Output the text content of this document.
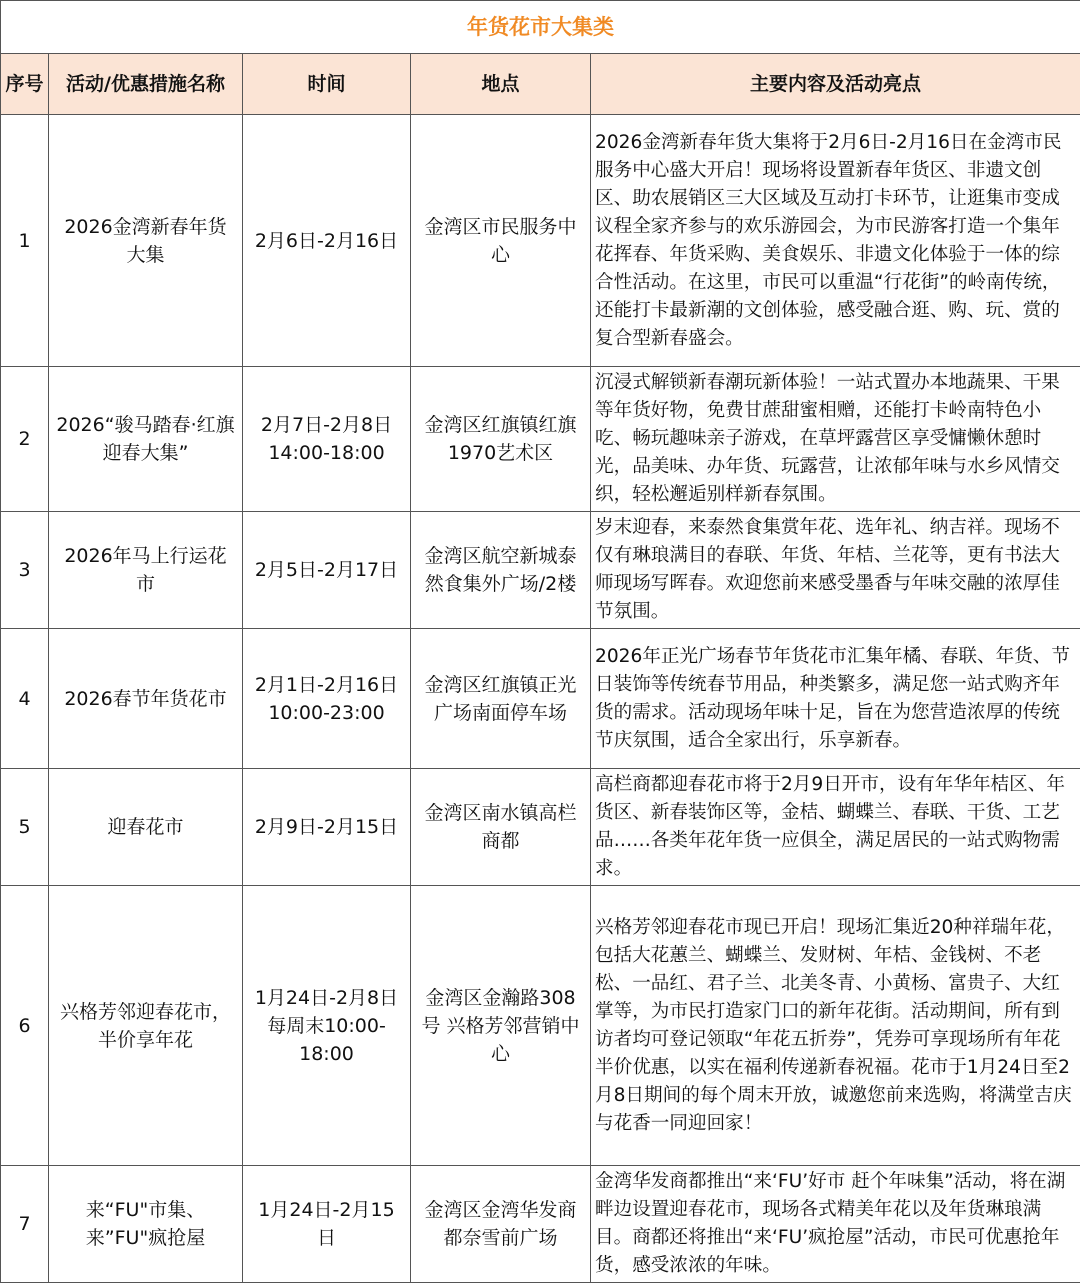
年货花市大集类				
序号	活动/优惠措施名称	时间	地点	主要内容及活动亮点
1	2026金湾新春年货大集	2月6日-2月16日	金湾区市民服务中心	2026金湾新春年货大集将于2月6日-2月16日在金湾市民服务中心盛大开启！现场将设置新春年货区、非遗文创区、助农展销区三大区域及互动打卡环节，让逛集市变成议程全家齐参与的欢乐游园会，为市民游客打造一个集年花挥春、年货采购、美食娱乐、非遗文化体验于一体的综合性活动。在这里，市民可以重温“行花街”的岭南传统，还能打卡最新潮的文创体验，感受融合逛、购、玩、赏的复合型新春盛会。
2	2026“骏马踏春·红旗迎春大集”	2月7日-2月8日 14:00-18:00	金湾区红旗镇红旗1970艺术区	沉浸式解锁新春潮玩新体验！一站式置办本地蔬果、干果等年货好物，免费甘蔗甜蜜相赠，还能打卡岭南特色小吃、畅玩趣味亲子游戏，在草坪露营区享受慵懒休憩时光，品美味、办年货、玩露营，让浓郁年味与水乡风情交织，轻松邂逅别样新春氛围。
3	2026年马上行运花市	2月5日-2月17日	金湾区航空新城泰然食集外广场/2楼	岁末迎春，来泰然食集赏年花、选年礼、纳吉祥。现场不仅有琳琅满目的春联、年货、年桔、兰花等，更有书法大师现场写晖春。欢迎您前来感受墨香与年味交融的浓厚佳节氛围。
4	2026春节年货花市	2月1日-2月16日 10:00-23:00	金湾区红旗镇正光广场南面停车场	2026年正光广场春节年货花市汇集年橘、春联、年货、节日装饰等传统春节用品，种类繁多，满足您一站式购齐年货的需求。活动现场年味十足，旨在为您营造浓厚的传统节庆氛围，适合全家出行，乐享新春。
5	迎春花市	2月9日-2月15日	金湾区南水镇高栏商都	高栏商都迎春花市将于2月9日开市，设有年华年桔区、年货区、新春装饰区等，金桔、蝴蝶兰、春联、干货、工艺品……各类年花年货一应俱全，满足居民的一站式购物需求。
6	兴格芳邻迎春花市，半价享年花	1月24日-2月8日 每周末10:00-18:00	金湾区金瀚路308号 兴格芳邻营销中心	兴格芳邻迎春花市现已开启！现场汇集近20种祥瑞年花，包括大花蕙兰、蝴蝶兰、发财树、年桔、金钱树、不老松、一品红、君子兰、北美冬青、小黄杨、富贵子、大红掌等，为市民打造家门口的新年花街。活动期间，所有到访者均可登记领取“年花五折券”，凭券可享现场所有年花半价优惠，以实在福利传递新春祝福。花市于1月24日至2月8日期间的每个周末开放，诚邀您前来选购，将满堂吉庆与花香一同迎回家！
7	来“FU"市集、来”FU"疯抢屋	1月24日-2月15日	金湾区金湾华发商都奈雪前广场	金湾华发商都推出“来‘FU’好市 赶个年味集”活动，将在湖畔边设置迎春花市，现场各式精美年花以及年货琳琅满目。商都还将推出“来‘FU’疯抢屋”活动，市民可优惠抢年货，感受浓浓的年味。
